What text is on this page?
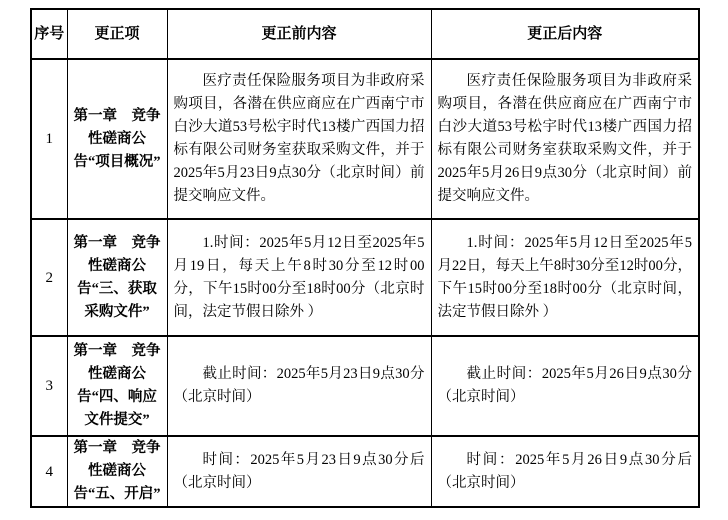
序号	更正项	更正前内容	更正后内容
1	第一章　竞争性磋商公告“项目概况”	医疗责任保险服务项目为非政府采购项目，各潜在供应商应在广西南宁市白沙大道53号松宇时代13楼广西国力招标有限公司财务室获取采购文件，并于2025年5月23日9点30分（北京时间）前提交响应文件。	医疗责任保险服务项目为非政府采购项目，各潜在供应商应在广西南宁市白沙大道53号松宇时代13楼广西国力招标有限公司财务室获取采购文件，并于2025年5月26日9点30分（北京时间）前提交响应文件。

2	第一章　竞争性磋商公告“三、获取采购文件”	1.时间：2025年5月12日至2025年5月19日，每天上午8时30分至12时00分，下午15时00分至18时00分（北京时间，法定节假日除外 ）	1.时间：2025年5月12日至2025年5月22日，每天上午8时30分至12时00分，下午15时00分至18时00分（北京时间，法定节假日除外 ）

3	第一章　竞争性磋商公告“四、响应文件提交”	截止时间：2025年5月23日9点30分（北京时间）	截止时间：2025年5月26日9点30分（北京时间）

4	第一章　竞争性磋商公告“五、开启”	时间：2025年5月23日9点30分后（北京时间）	时间：2025年5月26日9点30分后（北京时间）
